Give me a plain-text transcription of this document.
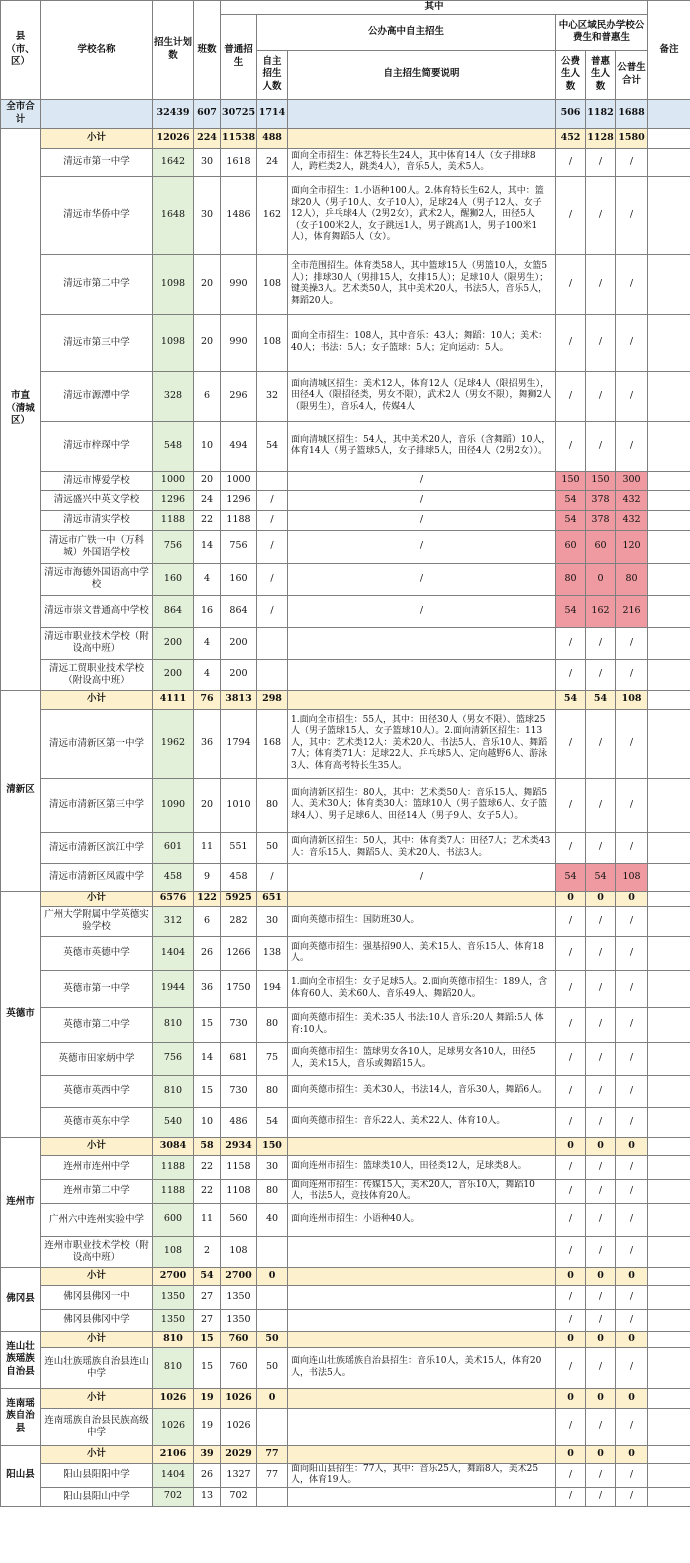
县（市、区）	学校名称	招生计划数	班数	其中						备注
				普通招生	公办高中自主招生		中心区域民办学校公费生和普惠生			
					自主招生人数	自主招生简要说明	公费生人数	普惠生人数	公普生合计	
全市合计		32439	607	30725	1714		506	1182	1688	
市直（清城区）	小计	12026	224	11538	488		452	1128	1580	
	清远市第一中学	1642	30	1618	24	面向全市招生：体艺特长生24人，其中体育14人（女子排球8人，跨栏类2人，跳类4人），音乐5人，美术5人。	/	/	/	
	清远市华侨中学	1648	30	1486	162	面向全市招生：1.小语种100人。2.体育特长生62人，其中：篮球20人（男子10人、女子10人），足球24人（男子12人、女子12人），乒乓球4人（2男2女），武术2人，醒狮2人，田径5人（女子100米2人，女子跳远1人，男子跳高1人，男子100米1人），体育舞蹈5人（女）。	/	/	/	
	清远市第二中学	1098	20	990	108	全市范围招生。体育类58人，其中篮球15人（男篮10人，女篮5人）；排球30人（男排15人，女排15人）；足球10人（限男生）；键美操3人。艺术类50人，其中美术20人，书法5人，音乐5人，舞蹈20人。	/	/	/	
	清远市第三中学	1098	20	990	108	面向全市招生：108人，其中音乐：43人；舞蹈：10人；美术：40人；书法：5人；女子篮球：5人；定向运动：5人。	/	/	/	
	清远市源潭中学	328	6	296	32	面向清城区招生：美术12人，体育12人（足球4人（限招男生），田径4人（限招径类，男女不限），武术2人（男女不限），舞狮2人（限男生），音乐4人，传媒4人	/	/	/	
	清远市梓琛中学	548	10	494	54	面向清城区招生：54人，其中美术20人，音乐（含舞蹈）10人，体育14人（男子篮球5人，女子排球5人，田径4人（2男2女））。	/	/	/	
	清远市博爱学校	1000	20	1000		/	150	150	300	
	清远盛兴中英文学校	1296	24	1296	/	/	54	378	432	
	清远市清实学校	1188	22	1188	/	/	54	378	432	
	清远市广铁一中（万科城）外国语学校	756	14	756	/	/	60	60	120	
	清远市海德外国语高中学校	160	4	160	/	/	80	0	80	
	清远市崇文普通高中学校	864	16	864	/	/	54	162	216	
	清远市职业技术学校（附设高中班）	200	4	200			/	/	/	
	清远工贸职业技术学校（附设高中班）	200	4	200			/	/	/	
清新区	小计	4111	76	3813	298		54	54	108	
	清远市清新区第一中学	1962	36	1794	168	1.面向全市招生：55人，其中：田径30人（男女不限）、篮球25人（男子篮球15人、女子篮球10人）。2.面向清新区招生：113人，其中：艺术类12人：美术20人、书法5人、音乐10人、舞蹈7人；体育类71人：足球22人、乒乓球5人、定向越野6人、游泳3人、体育高考特长生35人。	/	/	/	
	清远市清新区第三中学	1090	20	1010	80	面向清新区招生：80人，其中：艺术类50人：音乐15人、舞蹈5人、美术30人；体育类30人：篮球10人（男子篮球6人、女子篮球4人）、男子足球6人、田径14人（男子9人、女子5人）。	/	/	/	
	清远市清新区滨江中学	601	11	551	50	面向清新区招生：50人，其中：体育类7人：田径7人；艺术类43人：音乐15人、舞蹈5人、美术20人、书法3人。	/	/	/	
	清远市清新区凤霞中学	458	9	458	/	/	54	54	108	
英德市	小计	6576	122	5925	651		0	0	0	
	广州大学附属中学英德实验学校	312	6	282	30	面向英德市招生：国防班30人。	/	/	/	
	英德市英德中学	1404	26	1266	138	面向英德市招生：强基招90人、美术15人、音乐15人、体育18人。	/	/	/	
	英德市第一中学	1944	36	1750	194	1.面向全市招生：女子足球5人。2.面向英德市招生：189人，含体育60人、美术60人、音乐49人、舞蹈20人。	/	/	/	
	英德市第二中学	810	15	730	80	面向英德市招生：美术:35人 书法:10人 音乐:20人 舞蹈:5人 体育:10人。	/	/	/	
	英德市田家炳中学	756	14	681	75	面向英德市招生：篮球男女各10人，足球男女各10人，田径5人，美术15人，音乐或舞蹈15人。	/	/	/	
	英德市英西中学	810	15	730	80	面向英德市招生：美术30人，书法14人，音乐30人，舞蹈6人。	/	/	/	
	英德市英东中学	540	10	486	54	面向英德市招生：音乐22人、美术22人、体育10人。	/	/	/	
连州市	小计	3084	58	2934	150		0	0	0	
	连州市连州中学	1188	22	1158	30	面向连州市招生：篮球类10人，田径类12人，足球类8人。	/	/	/	
	连州市第二中学	1188	22	1108	80	面向连州市招生：传媒15人，美术20人，音乐10人，舞蹈10人，书法5人，竞技体育20人。	/	/	/	
	广州六中连州实验中学	600	11	560	40	面向连州市招生：小语种40人。	/	/	/	
	连州市职业技术学校（附设高中班）	108	2	108			/	/	/	
佛冈县	小计	2700	54	2700	0		0	0	0	
	佛冈县佛冈一中	1350	27	1350			/	/	/	
	佛冈县佛冈中学	1350	27	1350			/	/	/	
连山壮族瑶族自治县	小计	810	15	760	50		0	0	0	
	连山壮族瑶族自治县连山中学	810	15	760	50	面向连山壮族瑶族自治县招生：音乐10人，美术15人，体育20人，书法5人。	/	/	/	
连南瑶族自治县	小计	1026	19	1026	0		0	0	0	
	连南瑶族自治县民族高级中学	1026	19	1026			/	/	/	
阳山县	小计	2106	39	2029	77		0	0	0	
	阳山县阳阳中学	1404	26	1327	77	面向阳山县招生：77人，其中：音乐25人，舞蹈8人，美术25人，体育19人。	/	/	/	
	阳山县阳山中学	702	13	702			/	/	/	
